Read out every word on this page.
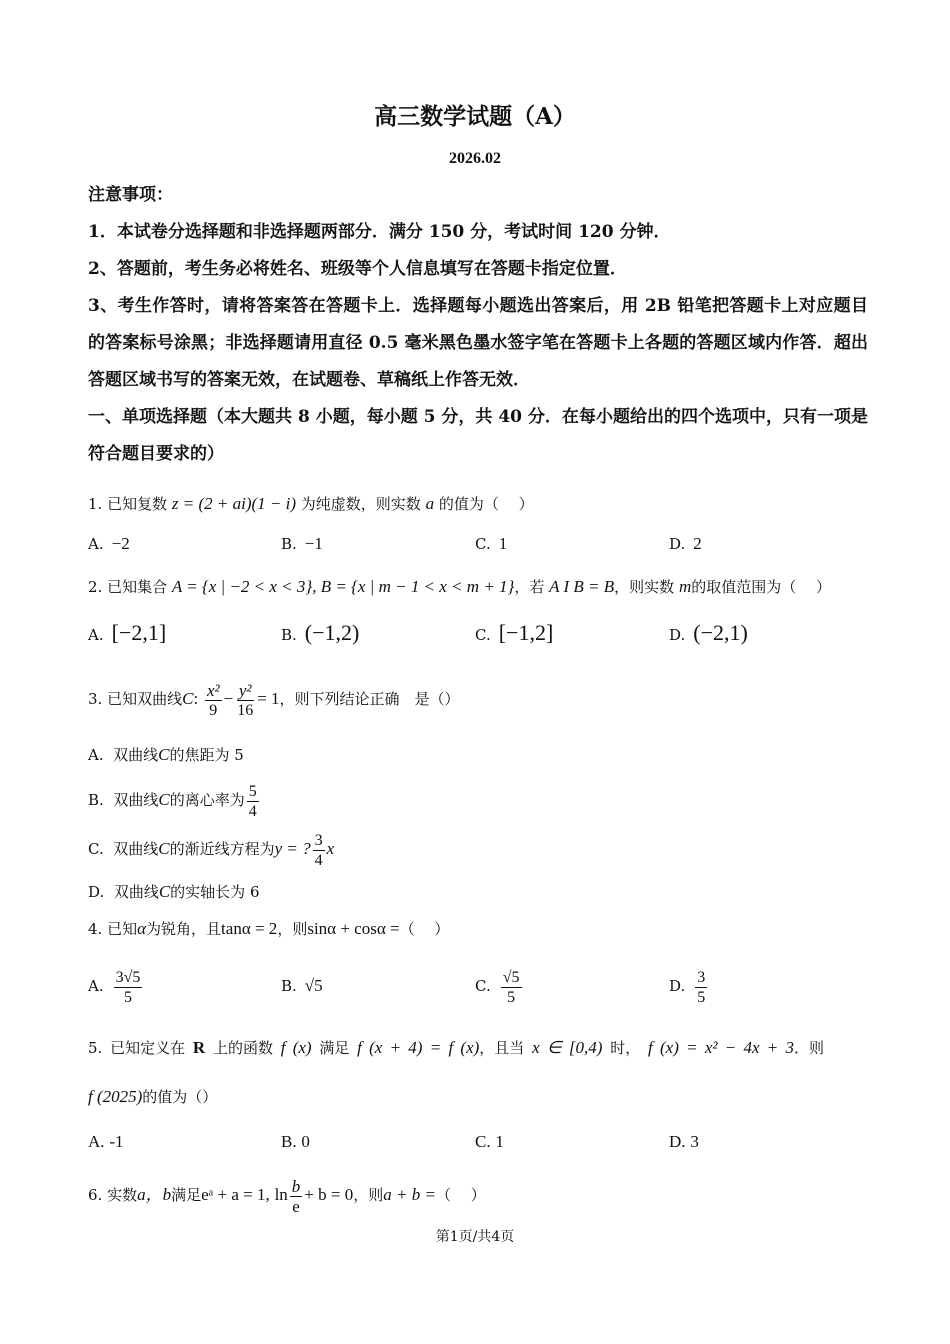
高三数学试题（A）
2026.02
注意事项：
1．本试卷分选择题和非选择题两部分．满分 150 分，考试时间 120 分钟．
2、答题前，考生务必将姓名、班级等个人信息填写在答题卡指定位置．
3、考生作答时，请将答案答在答题卡上．选择题每小题选出答案后，用 2B 铅笔把答题卡上对应题目的答案标号涂黑；非选择题请用直径 0.5 毫米黑色墨水签字笔在答题卡上各题的答题区域内作答．超出答题区域书写的答案无效，在试题卷、草稿纸上作答无效．
一、单项选择题（本大题共 8 小题，每小题 5 分，共 40 分．在每小题给出的四个选项中，只有一项是符合题目要求的）
1. 已知复数 z = (2 + ai)(1 − i) 为纯虚数，则实数 a 的值为（　 ）
A. −2	B. −1	C. 1	D. 2
2. 已知集合 A = {x | −2 < x < 3}, B = {x | m − 1 < x < m + 1}，若 A I B = B，则实数 m的取值范围为（　 ）
A. [−2,1]	B. (−1,2)	C. [−1,2]	D. (−2,1)
3. 已知双曲线C: $\frac{\text{x²}}{9} - \frac{\text{y²}}{16} = 1$，则下列结论正确　是（）
A. 双曲线C的焦距为 5
B. 双曲线C的离心率为 $\frac{5}{4}$
C. 双曲线C的渐近线方程为y = ? $\frac{3}{4}$ x
D. 双曲线C的实轴长为 6
4. 已知α为锐角，且tanα = 2，则sinα + cosα =（　 ）
A. $\frac{3√5}{5}$	B. √5	C. $\frac{√5}{5}$	D. $\frac{3}{5}$
5. 已知定义在 R 上的函数 f (x) 满足 f (x + 4) = f (x)，且当 x ∈ [0,4) 时， f (x) = x² − 4x + 3．则
f (2025)的值为（）
A. -1	B. 0	C. 1	D. 3
6. 实数a，b满足eᵃ + a = 1, $\ln \frac{b}{e} + b = 0$，则a + b =（　 ）
第1页/共4页
